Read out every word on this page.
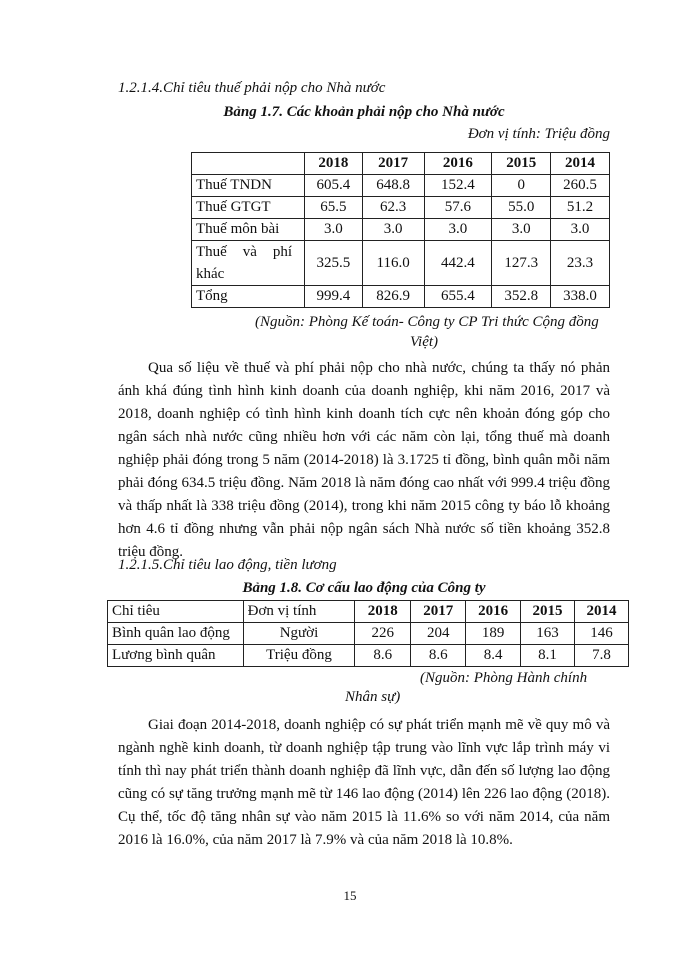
1.2.1.4.Chỉ tiêu thuế phải nộp cho Nhà nước
Bảng 1.7. Các khoản phải nộp cho Nhà nước
Đơn vị tính: Triệu đồng
	2018	2017	2016	2015	2014
Thuế TNDN	605.4	648.8	152.4	0	260.5
Thuế GTGT	65.5	62.3	57.6	55.0	51.2
Thuế môn bài	3.0	3.0	3.0	3.0	3.0

Thuế và phí
khác	325.5	116.0	442.4	127.3	23.3
Tổng	999.4	826.9	655.4	352.8	338.0
(Nguồn: Phòng Kế toán- Công ty CP Tri thức Cộng đồng
Việt)
Qua số liệu về thuế và phí phải nộp cho nhà nước, chúng ta thấy nó phản ánh khá đúng tình hình kinh doanh của doanh nghiệp, khi năm 2016, 2017 và 2018, doanh nghiệp có tình hình kinh doanh tích cực nên khoản đóng góp cho ngân sách nhà nước cũng nhiều hơn với các năm còn lại, tổng thuế mà doanh nghiệp phải đóng trong 5 năm (2014-2018) là 3.1725 tỉ đồng, bình quân mỗi năm phải đóng 634.5 triệu đồng. Năm 2018 là năm đóng cao nhất với 999.4 triệu đồng và thấp nhất là 338 triệu đồng (2014), trong khi năm 2015 công ty báo lỗ khoảng hơn 4.6 tỉ đồng nhưng vẫn phải nộp ngân sách Nhà nước số tiền khoảng 352.8 triệu đồng.
1.2.1.5.Chỉ tiêu lao động, tiền lương
Bảng 1.8. Cơ cấu lao động của Công ty
Chỉ tiêu	Đơn vị tính	2018	2017	2016	2015	2014
Bình quân lao động	Người	226	204	189	163	146
Lương bình quân	Triệu đồng	8.6	8.6	8.4	8.1	7.8
(Nguồn: Phòng Hành chính
Nhân sự)
Giai đoạn 2014-2018, doanh nghiệp có sự phát triển mạnh mẽ về quy mô và ngành nghề kinh doanh, từ doanh nghiệp tập trung vào lĩnh vực lắp trình máy vi tính thì nay phát triển thành doanh nghiệp đã lĩnh vực, dẫn đến số lượng lao động cũng có sự tăng trưởng mạnh mẽ từ 146 lao động (2014) lên 226 lao động (2018). Cụ thể, tốc độ tăng nhân sự vào năm 2015 là 11.6% so với năm 2014, của năm 2016 là 16.0%, của năm 2017 là 7.9% và của năm 2018 là 10.8%.
15
